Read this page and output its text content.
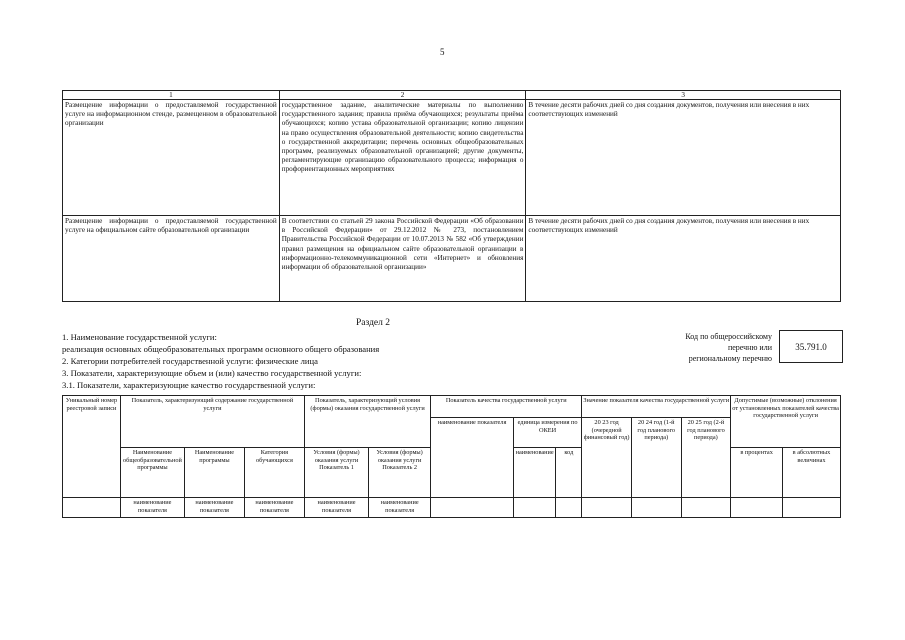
5
1	2	3
Размещение информации о предоставляемой государственной услуге на информационном стенде, размещенном в образовательной организации	государственное задание, аналитические материалы по выполнению государственного задания; правила приёма обучающихся; результаты приёма обучающихся; копию устава образовательной организации; копию лицензии на право осуществления образовательной деятельности; копию свидетельства о государственной аккредитации; перечень основных общеобразовательных программ, реализуемых образовательной организацией; другие документы, регламентирующие организацию образовательного процесса; информация о профориентационных мероприятиях	В течение десяти рабочих дней со дня создания документов, получения или внесения в них соответствующих изменений
Размещение информации о предоставляемой государственной услуге на официальном сайте образовательной организации	В соответствии со статьей 29 закона Российской Федерации «Об образовании в Российской Федерации» от 29.12.2012 № 273, постановлением Правительства Российской Федерации от 10.07.2013 № 582 «Об утверждении правил размещения на официальном сайте образовательной организации в информационно-телекоммуникационной сети «Интернет» и обновления информации об образовательной организации»	В течение десяти рабочих дней со дня создания документов, получения или внесения в них соответствующих изменений
Раздел 2
1. Наименование государственной услуги:
реализация основных общеобразовательных программ основного общего образования
2. Категории потребителей государственной услуги: физические лица
3. Показатели, характеризующие объем и (или) качество государственной услуги:
3.1. Показатели, характеризующие качество государственной услуги:
Код по общероссийскому
перечню или
региональному перечню
35.791.0
Уникальный номер реестровой записи	Показатель, характеризующий содержание государственной услуги			Показатель, характеризующий условия (формы) оказания государственной услуги		Показатель качества государственной услуги			Значение показателя качества государственной услуги			Допустимые (возможные) отклонения от установленных показателей качества государственной услуги	
						наименование показателя	единица измерения по ОКЕИ		20 23 год (очередной финансовый год)	20 24 год (1-й год планового периода)	20 25 год (2-й год планового периода)		
	Наименование общеобразовательной программы	Наименование программы	Категория обучающихся	Условия (формы) оказания услуги Показатель 1	Условия (формы) оказания услуги Показатель 2		наименование	код				в процентах	в абсолютных величинах
	наименование показателя	наименование показателя	наименование показателя	наименование показателя	наименование показателя								
